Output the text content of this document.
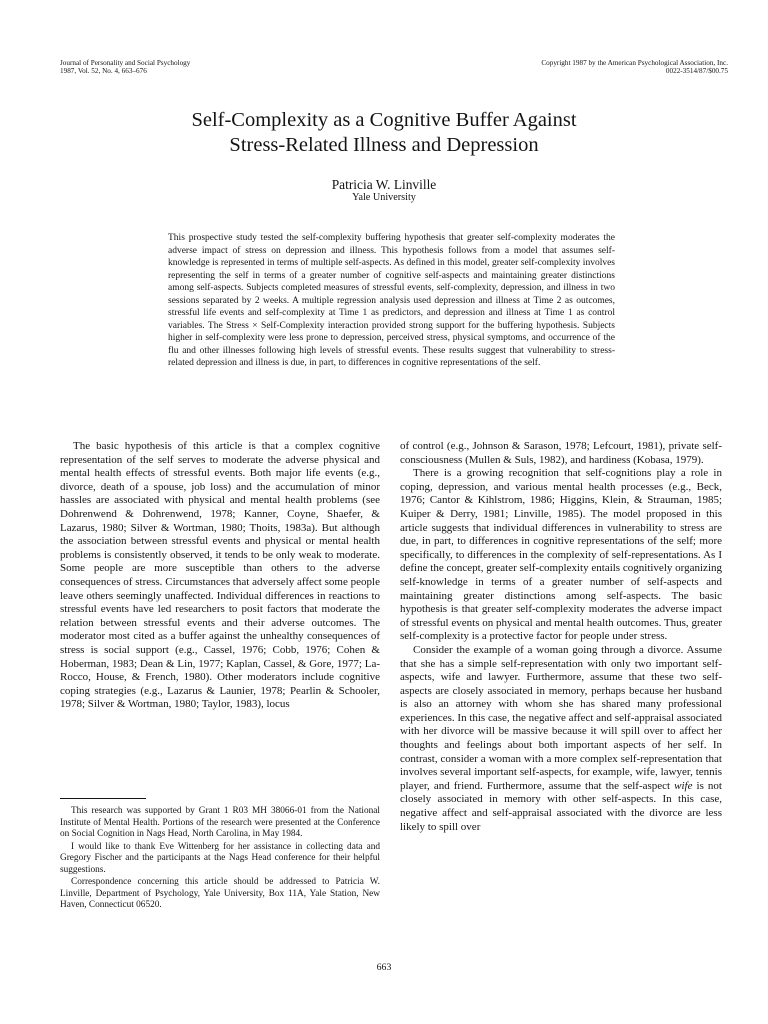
Journal of Personality and Social Psychology
1987, Vol. 52, No. 4, 663–676
Copyright 1987 by the American Psychological Association, Inc.
0022-3514/87/$00.75
Self-Complexity as a Cognitive Buffer Against
Stress-Related Illness and Depression
Patricia W. Linville
Yale University
This prospective study tested the self-complexity buffering hypothesis that greater self-complexity moderates the adverse impact of stress on depression and illness. This hypothesis follows from a model that assumes self-knowledge is represented in terms of multiple self-aspects. As defined in this model, greater self-complexity involves representing the self in terms of a greater number of cognitive self-aspects and maintaining greater distinctions among self-aspects. Subjects completed measures of stressful events, self-complexity, depression, and illness in two sessions separated by 2 weeks. A multiple regression analysis used depression and illness at Time 2 as outcomes, stressful life events and self-complexity at Time 1 as predictors, and depression and illness at Time 1 as control variables. The Stress × Self-Complexity interaction provided strong support for the buffering hypothesis. Subjects higher in self-complexity were less prone to depression, perceived stress, physical symptoms, and occurrence of the flu and other illnesses following high levels of stressful events. These results suggest that vulnerability to stress-related depression and illness is due, in part, to differences in cognitive representations of the self.

The basic hypothesis of this article is that a complex cognitive representation of the self serves to moderate the adverse physical and mental health effects of stressful events. Both major life events (e.g., divorce, death of a spouse, job loss) and the accumulation of minor hassles are associated with physical and mental health problems (see Dohrenwend & Dohrenwend, 1978; Kanner, Coyne, Shaefer, & Lazarus, 1980; Silver & Wortman, 1980; Thoits, 1983a). But although the association between stressful events and physical or mental health problems is consistently observed, it tends to be only weak to moderate. Some people are more susceptible than others to the adverse consequences of stress. Circumstances that adversely affect some people leave others seemingly unaffected. Individual differences in reactions to stressful events have led researchers to posit factors that moderate the relation between stressful events and their adverse outcomes. The moderator most cited as a buffer against the unhealthy consequences of stress is social support (e.g., Cassel, 1976; Cobb, 1976; Cohen & Hoberman, 1983; Dean & Lin, 1977; Kaplan, Cassel, & Gore, 1977; La-Rocco, House, & French, 1980). Other moderators include cognitive coping strategies (e.g., Lazarus & Launier, 1978; Pearlin & Schooler, 1978; Silver & Wortman, 1980; Taylor, 1983), locus

of control (e.g., Johnson & Sarason, 1978; Lefcourt, 1981), private self-consciousness (Mullen & Suls, 1982), and hardiness (Kobasa, 1979).

There is a growing recognition that self-cognitions play a role in coping, depression, and various mental health processes (e.g., Beck, 1976; Cantor & Kihlstrom, 1986; Higgins, Klein, & Strauman, 1985; Kuiper & Derry, 1981; Linville, 1985). The model proposed in this article suggests that individual differences in vulnerability to stress are due, in part, to differences in cognitive representations of the self; more specifically, to differences in the complexity of self-representations. As I define the concept, greater self-complexity entails cognitively organizing self-knowledge in terms of a greater number of self-aspects and maintaining greater distinctions among self-aspects. The basic hypothesis is that greater self-complexity moderates the adverse impact of stressful events on physical and mental health outcomes. Thus, greater self-complexity is a protective factor for people under stress.

Consider the example of a woman going through a divorce. Assume that she has a simple self-representation with only two important self-aspects, wife and lawyer. Furthermore, assume that these two self-aspects are closely associated in memory, perhaps because her husband is also an attorney with whom she has shared many professional experiences. In this case, the negative affect and self-appraisal associated with her divorce will be massive because it will spill over to affect her thoughts and feelings about both important aspects of her self. In contrast, consider a woman with a more complex self-representation that involves several important self-aspects, for example, wife, lawyer, tennis player, and friend. Furthermore, assume that the self-aspect wife is not closely associated in memory with other self-aspects. In this case, negative affect and self-appraisal associated with the divorce are less likely to spill over

This research was supported by Grant 1 R03 MH 38066-01 from the National Institute of Mental Health. Portions of the research were presented at the Conference on Social Cognition in Nags Head, North Carolina, in May 1984.

I would like to thank Eve Wittenberg for her assistance in collecting data and Gregory Fischer and the participants at the Nags Head conference for their helpful suggestions.

Correspondence concerning this article should be addressed to Patricia W. Linville, Department of Psychology, Yale University, Box 11A, Yale Station, New Haven, Connecticut 06520.

663
